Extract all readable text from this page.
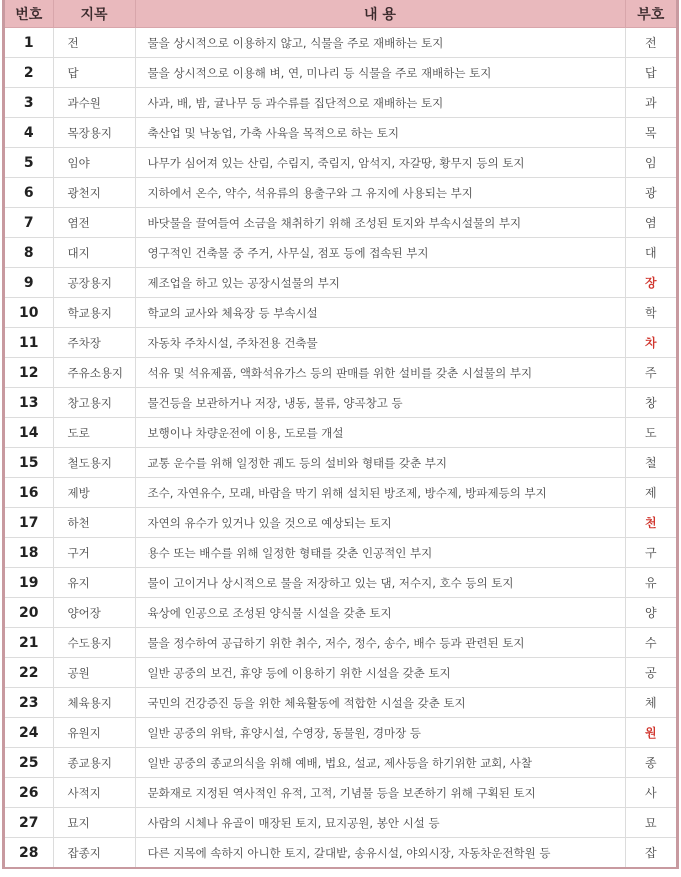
번호	지목	내 용	부호
1	전	물을 상시적으로 이용하지 않고, 식물을 주로 재배하는 토지	전
2	답	물을 상시적으로 이용해 벼, 연, 미나리 등 식물을 주로 재배하는 토지	답
3	과수원	사과, 배, 밤, 귤나무 등 과수류를 집단적으로 재배하는 토지	과
4	목장용지	축산업 및 낙농업, 가축 사육을 목적으로 하는 토지	목
5	임야	나무가 심어져 있는 산림, 수림지, 죽림지, 암석지, 자갈땅, 황무지 등의 토지	임
6	광천지	지하에서 온수, 약수, 석유류의 용출구와 그 유지에 사용되는 부지	광
7	염전	바닷물을 끌여들여 소금을 채취하기 위해 조성된 토지와 부속시설물의 부지	염
8	대지	영구적인 건축물 중 주거, 사무실, 점포 등에 접속된 부지	대
9	공장용지	제조업을 하고 있는 공장시설물의 부지	장
10	학교용지	학교의 교사와 체육장 등 부속시설	학
11	주차장	자동차 주차시설, 주차전용 건축물	차
12	주유소용지	석유 및 석유제품, 액화석유가스 등의 판매를 위한 설비를 갖춘 시설물의 부지	주
13	창고용지	물건등을 보관하거나 저장, 냉동, 물류, 양곡창고 등	창
14	도로	보행이나 차량운전에 이용, 도로를 개설	도
15	철도용지	교통 운수를 위해 일정한 궤도 등의 설비와 형태를 갖춘 부지	철
16	제방	조수, 자연유수, 모래, 바람을 막기 위해 설치된 방조제, 방수제, 방파제등의 부지	제
17	하천	자연의 유수가 있거나 있을 것으로 예상되는 토지	천
18	구거	용수 또는 배수를 위해 일정한 형태를 갖춘 인공적인 부지	구
19	유지	물이 고이거나 상시적으로 물을 저장하고 있는 댐, 저수지, 호수 등의 토지	유
20	양어장	육상에 인공으로 조성된 양식물 시설을 갖춘 토지	양
21	수도용지	물을 정수하여 공급하기 위한 취수, 저수, 정수, 송수, 배수 등과 관련된 토지	수
22	공원	일반 공중의 보건, 휴양 등에 이용하기 위한 시설을 갖춘 토지	공
23	체육용지	국민의 건강증진 등을 위한 체육활동에 적합한 시설을 갖춘 토지	체
24	유원지	일반 공중의 위탁, 휴양시설, 수영장, 동물원, 경마장 등	원
25	종교용지	일반 공중의 종교의식을 위해 예배, 법요, 설교, 제사등을 하기위한 교회, 사찰	종
26	사적지	문화재로 지정된 역사적인 유적, 고적, 기념물 등을 보존하기 위해 구획된 토지	사
27	묘지	사람의 시체나 유골이 매장된 토지, 묘지공원, 봉안 시설 등	묘
28	잡종지	다른 지목에 속하지 아니한 토지, 갈대밭, 송유시설, 야외시장, 자동차운전학원 등	잡
